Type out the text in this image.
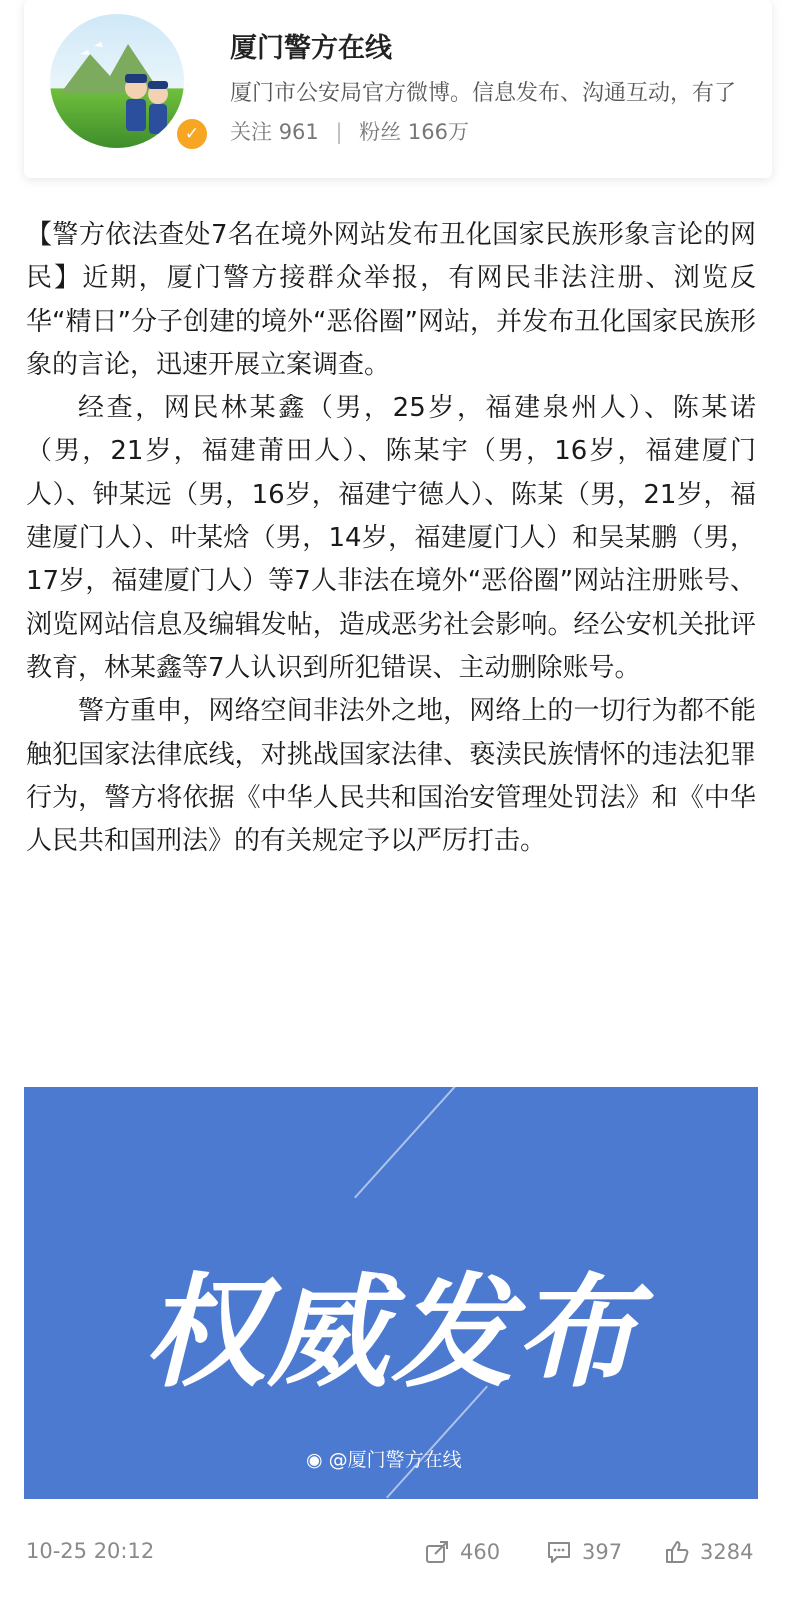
✓
厦门警方在线
厦门市公安局官方微博。信息发布、沟通互动，有了
关注 961 | 粉丝 166万

【警方依法查处7名在境外网站发布丑化国家民族形象言论的网民】近期，厦门警方接群众举报，有网民非法注册、浏览反华“精日”分子创建的境外“恶俗圈”网站，并发布丑化国家民族形象的言论，迅速开展立案调查。

经查，网民林某鑫（男，25岁，福建泉州人）、陈某诺（男，21岁，福建莆田人）、陈某宇（男，16岁，福建厦门人）、钟某远（男，16岁，福建宁德人）、陈某（男，21岁，福建厦门人）、叶某焓（男，14岁，福建厦门人）和吴某鹏（男，17岁，福建厦门人）等7人非法在境外“恶俗圈”网站注册账号、浏览网站信息及编辑发帖，造成恶劣社会影响。经公安机关批评教育，林某鑫等7人认识到所犯错误、主动删除账号。

警方重申，网络空间非法外之地，网络上的一切行为都不能触犯国家法律底线，对挑战国家法律、亵渎民族情怀的违法犯罪行为，警方将依据《中华人民共和国治安管理处罚法》和《中华人民共和国刑法》的有关规定予以严厉打击。

权威发布
◉ @厦门警方在线
10-25 20:12	460	397	3284
